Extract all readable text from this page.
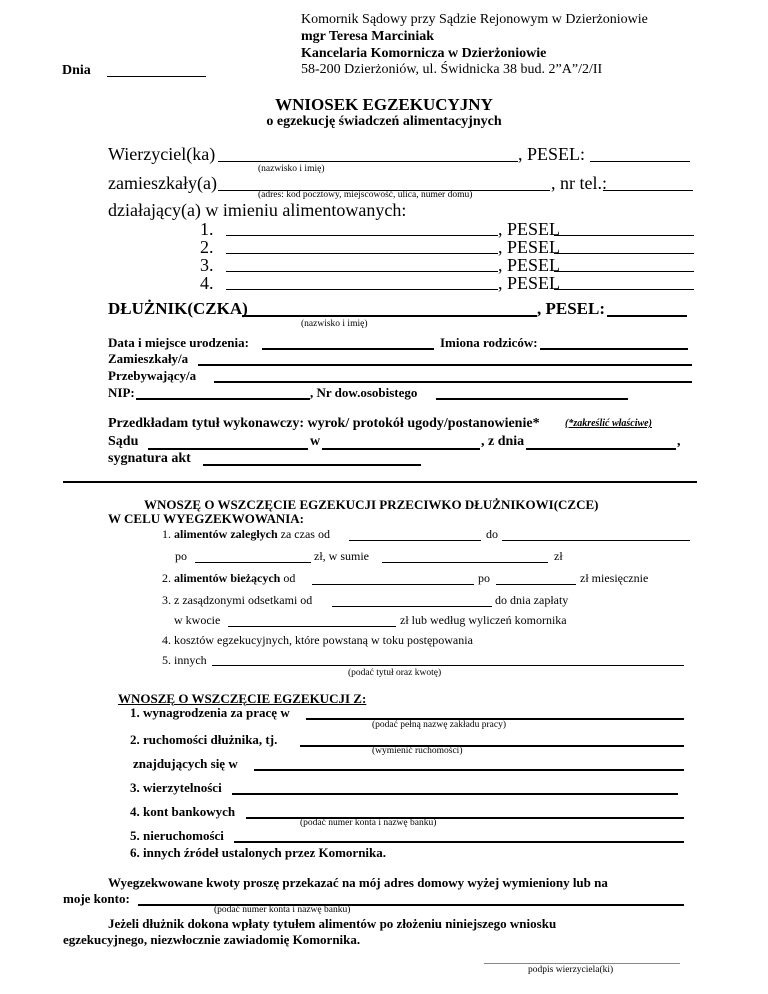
Komornik Sądowy przy Sądzie Rejonowym w Dzierżoniowie
mgr Teresa Marciniak
Kancelaria Komornicza w Dzierżoniowie
58-200 Dzierżoniów, ul. Świdnicka 38 bud. 2”A”/2/II
Dnia
WNIOSEK EGZEKUCYJNY
o egzekucję świadczeń alimentacyjnych
Wierzyciel(ka)	, PESEL:
(nazwisko i imię)
zamieszkały(a)	, nr tel.:
(adres: kod pocztowy, miejscowość, ulica, numer domu)
działający(a) w imieniu alimentowanych:
1.	, PESEL
2.	, PESEL
3.	, PESEL
4.	, PESEL
DŁUŻNIK(CZKA)	, PESEL:
(nazwisko i imię)
Data i miejsce urodzenia:	Imiona rodziców:
Zamieszkały/a
Przebywający/a
NIP:	, Nr dow.osobistego
Przedkładam tytuł wykonawczy: wyrok/ protokół ugody/postanowienie*	(*zakreślić właściwe)
Sądu	w	, z dnia	,
sygnatura akt
WNOSZĘ O WSZCZĘCIE EGZEKUCJI PRZECIWKO DŁUŻNIKOWI(CZCE)
W CELU WYEGZEKWOWANIA:
1. alimentów zaległych za czas od	do
po	zł, w sumie	zł
2. alimentów bieżących od	po	zł miesięcznie
3. z zasądzonymi odsetkami od	do dnia zapłaty
w kwocie	zł lub według wyliczeń komornika
4. kosztów egzekucyjnych, które powstaną w toku postępowania
5. innych
(podać tytuł oraz kwotę)
WNOSZĘ O WSZCZĘCIE EGZEKUCJI Z:
1. wynagrodzenia za pracę w
(podać pełną nazwę zakładu pracy)
2. ruchomości dłużnika, tj.
(wymienić ruchomości)
znajdujących się w
3. wierzytelności
4. kont bankowych
(podać numer konta i nazwę banku)
5. nieruchomości
6. innych źródeł ustalonych przez Komornika.
Wyegzekwowane kwoty proszę przekazać na mój adres domowy wyżej wymieniony lub na
moje konto:
(podać numer konta i nazwę banku)
Jeżeli dłużnik dokona wpłaty tytułem alimentów po złożeniu niniejszego wniosku
egzekucyjnego, niezwłocznie zawiadomię Komornika.
podpis wierzyciela(ki)
